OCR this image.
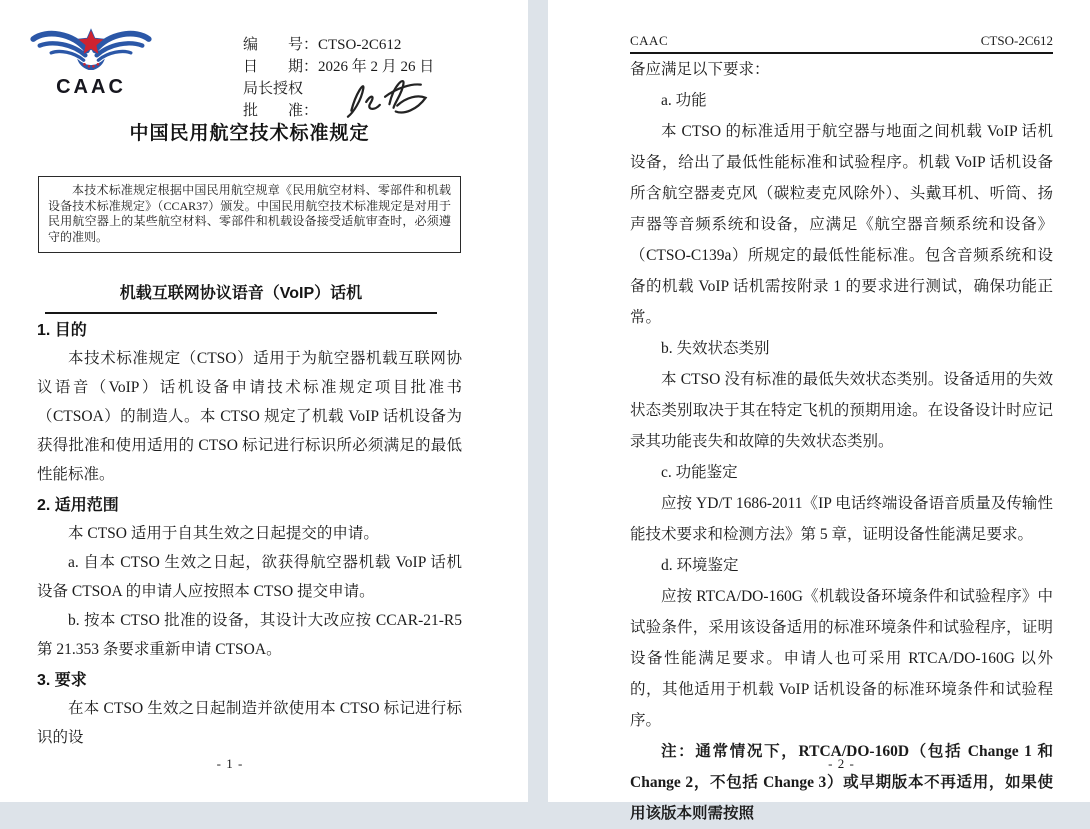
CAAC
编　　号： CTSO-2C612
日　　期： 2026 年 2 月 26 日
局长授权
批　　准：
中国民用航空技术标准规定
本技术标准规定根据中国民用航空规章《民用航空材料、零部件和机载设备技术标准规定》（CCAR37）颁发。中国民用航空技术标准规定是对用于民用航空器上的某些航空材料、零部件和机载设备接受适航审查时，必须遵守的准则。
机载互联网协议语音（VoIP）话机
1. 目的

本技术标准规定（CTSO）适用于为航空器机载互联网协议语音（VoIP）话机设备申请技术标准规定项目批准书（CTSOA）的制造人。本 CTSO 规定了机载 VoIP 话机设备为获得批准和使用适用的 CTSO 标记进行标识所必须满足的最低性能标准。

2. 适用范围

本 CTSO 适用于自其生效之日起提交的申请。

a. 自本 CTSO 生效之日起，欲获得航空器机载 VoIP 话机设备 CTSOA 的申请人应按照本 CTSO 提交申请。

b. 按本 CTSO 批准的设备，其设计大改应按 CCAR-21-R5 第 21.353 条要求重新申请 CTSOA。

3. 要求

在本 CTSO 生效之日起制造并欲使用本 CTSO 标记进行标识的设

- 1 -
CAAC	CTSO-2C612

备应满足以下要求：

a. 功能

本 CTSO 的标准适用于航空器与地面之间机载 VoIP 话机设备，给出了最低性能标准和试验程序。机载 VoIP 话机设备所含航空器麦克风（碳粒麦克风除外）、头戴耳机、听筒、扬声器等音频系统和设备，应满足《航空器音频系统和设备》（CTSO-C139a）所规定的最低性能标准。包含音频系统和设备的机载 VoIP 话机需按附录 1 的要求进行测试，确保功能正常。

b. 失效状态类别

本 CTSO 没有标准的最低失效状态类别。设备适用的失效状态类别取决于其在特定飞机的预期用途。在设备设计时应记录其功能丧失和故障的失效状态类别。

c. 功能鉴定

应按 YD/T 1686-2011《IP 电话终端设备语音质量及传输性能技术要求和检测方法》第 5 章，证明设备性能满足要求。

d. 环境鉴定

应按 RTCA/DO-160G《机载设备环境条件和试验程序》中试验条件，采用该设备适用的标准环境条件和试验程序，证明设备性能满足要求。申请人也可采用 RTCA/DO-160G 以外的，其他适用于机载 VoIP 话机设备的标准环境条件和试验程序。

注：通常情况下，RTCA/DO-160D（包括 Change 1 和 Change 2，不包括 Change 3）或早期版本不再适用，如果使用该版本则需按照

- 2 -
